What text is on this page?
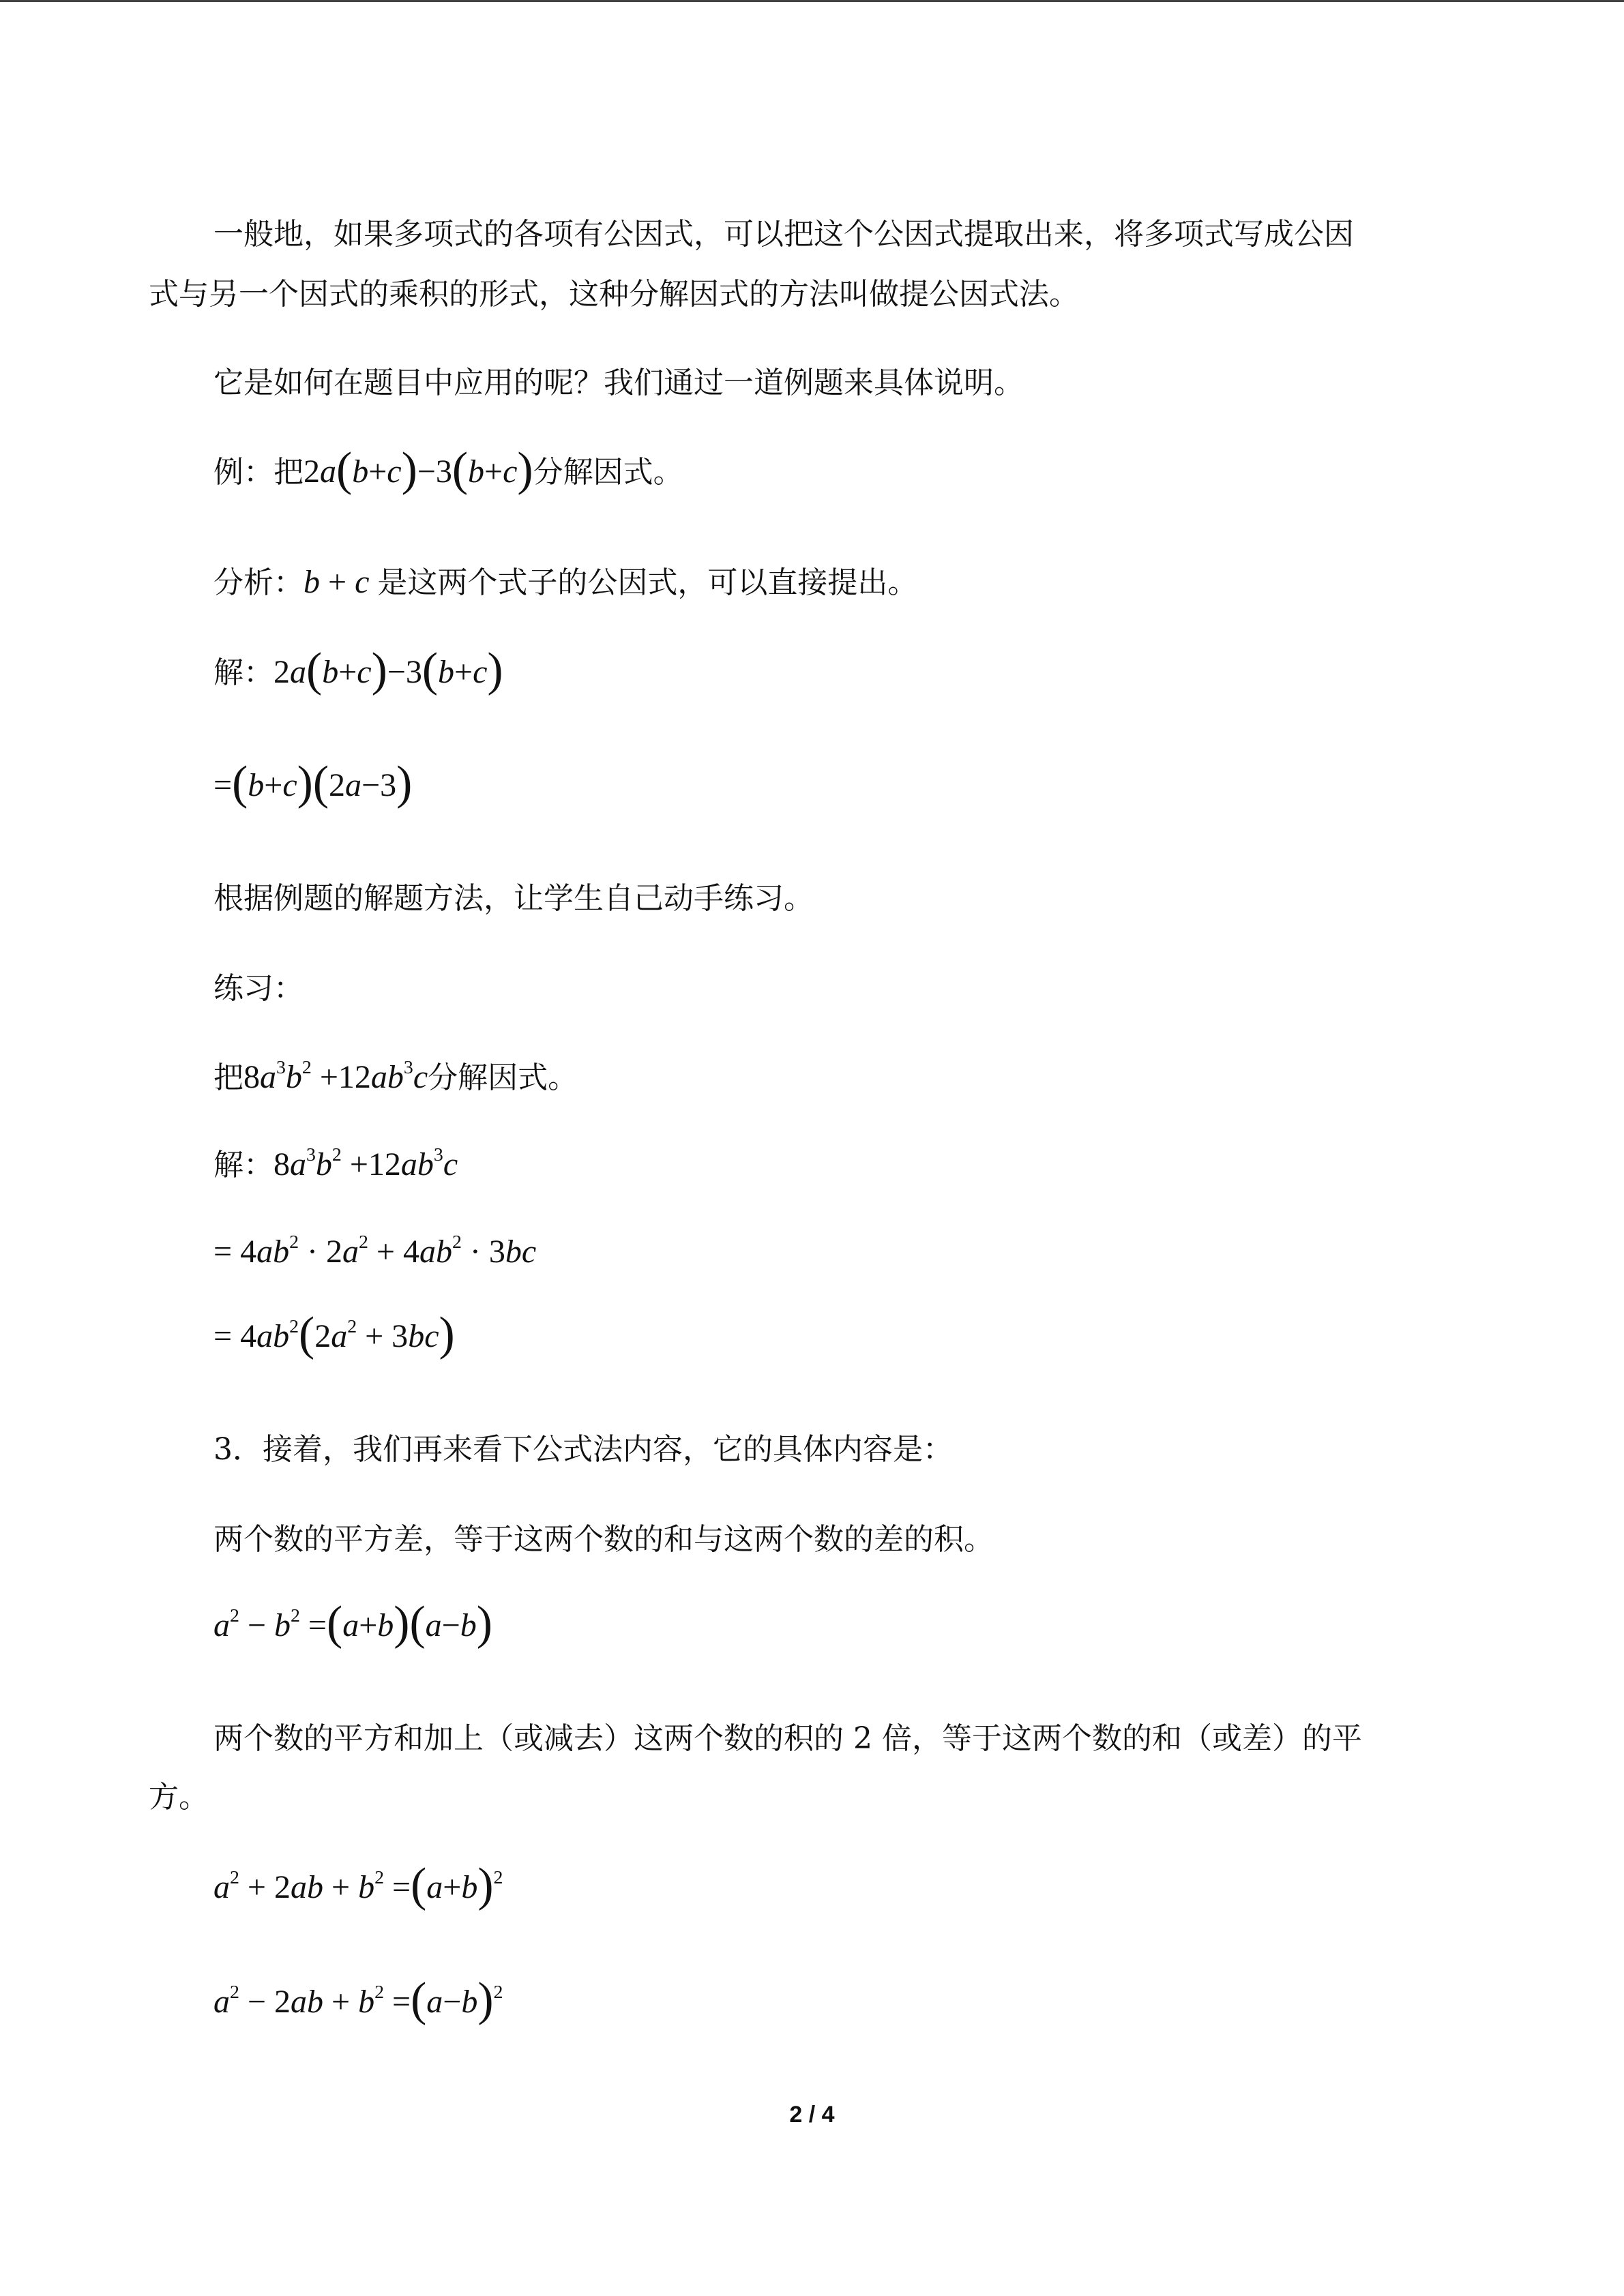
一般地，如果多项式的各项有公因式，可以把这个公因式提取出来，将多项式写成公因
式与另一个因式的乘积的形式，这种分解因式的方法叫做提公因式法。
它是如何在题目中应用的呢？我们通过一道例题来具体说明。
例：把2a(b+c)−3(b+c)分解因式。
分析：b + c 是这两个式子的公因式，可以直接提出。
解：2a(b+c)−3(b+c)
=(b+c)(2a−3)
根据例题的解题方法，让学生自己动手练习。
练习：
把$8a^3b^2 +12ab^3c$分解因式。
解：$8a^3b^2 +12ab^3c$
= $4ab^2 \cdot 2a^2 + 4ab^2 \cdot 3bc$
= $4ab^2(2a^2 + 3bc)$
3．接着，我们再来看下公式法内容，它的具体内容是：
两个数的平方差，等于这两个数的和与这两个数的差的积。
$a^2 - b^2 =(a+b)(a-b)$
两个数的平方和加上（或减去）这两个数的积的 2 倍，等于这两个数的和（或差）的平
方。
$a^2 + 2ab + b^2 =(a+b)^2$
$a^2 - 2ab + b^2 =(a-b)^2$
2 / 4
